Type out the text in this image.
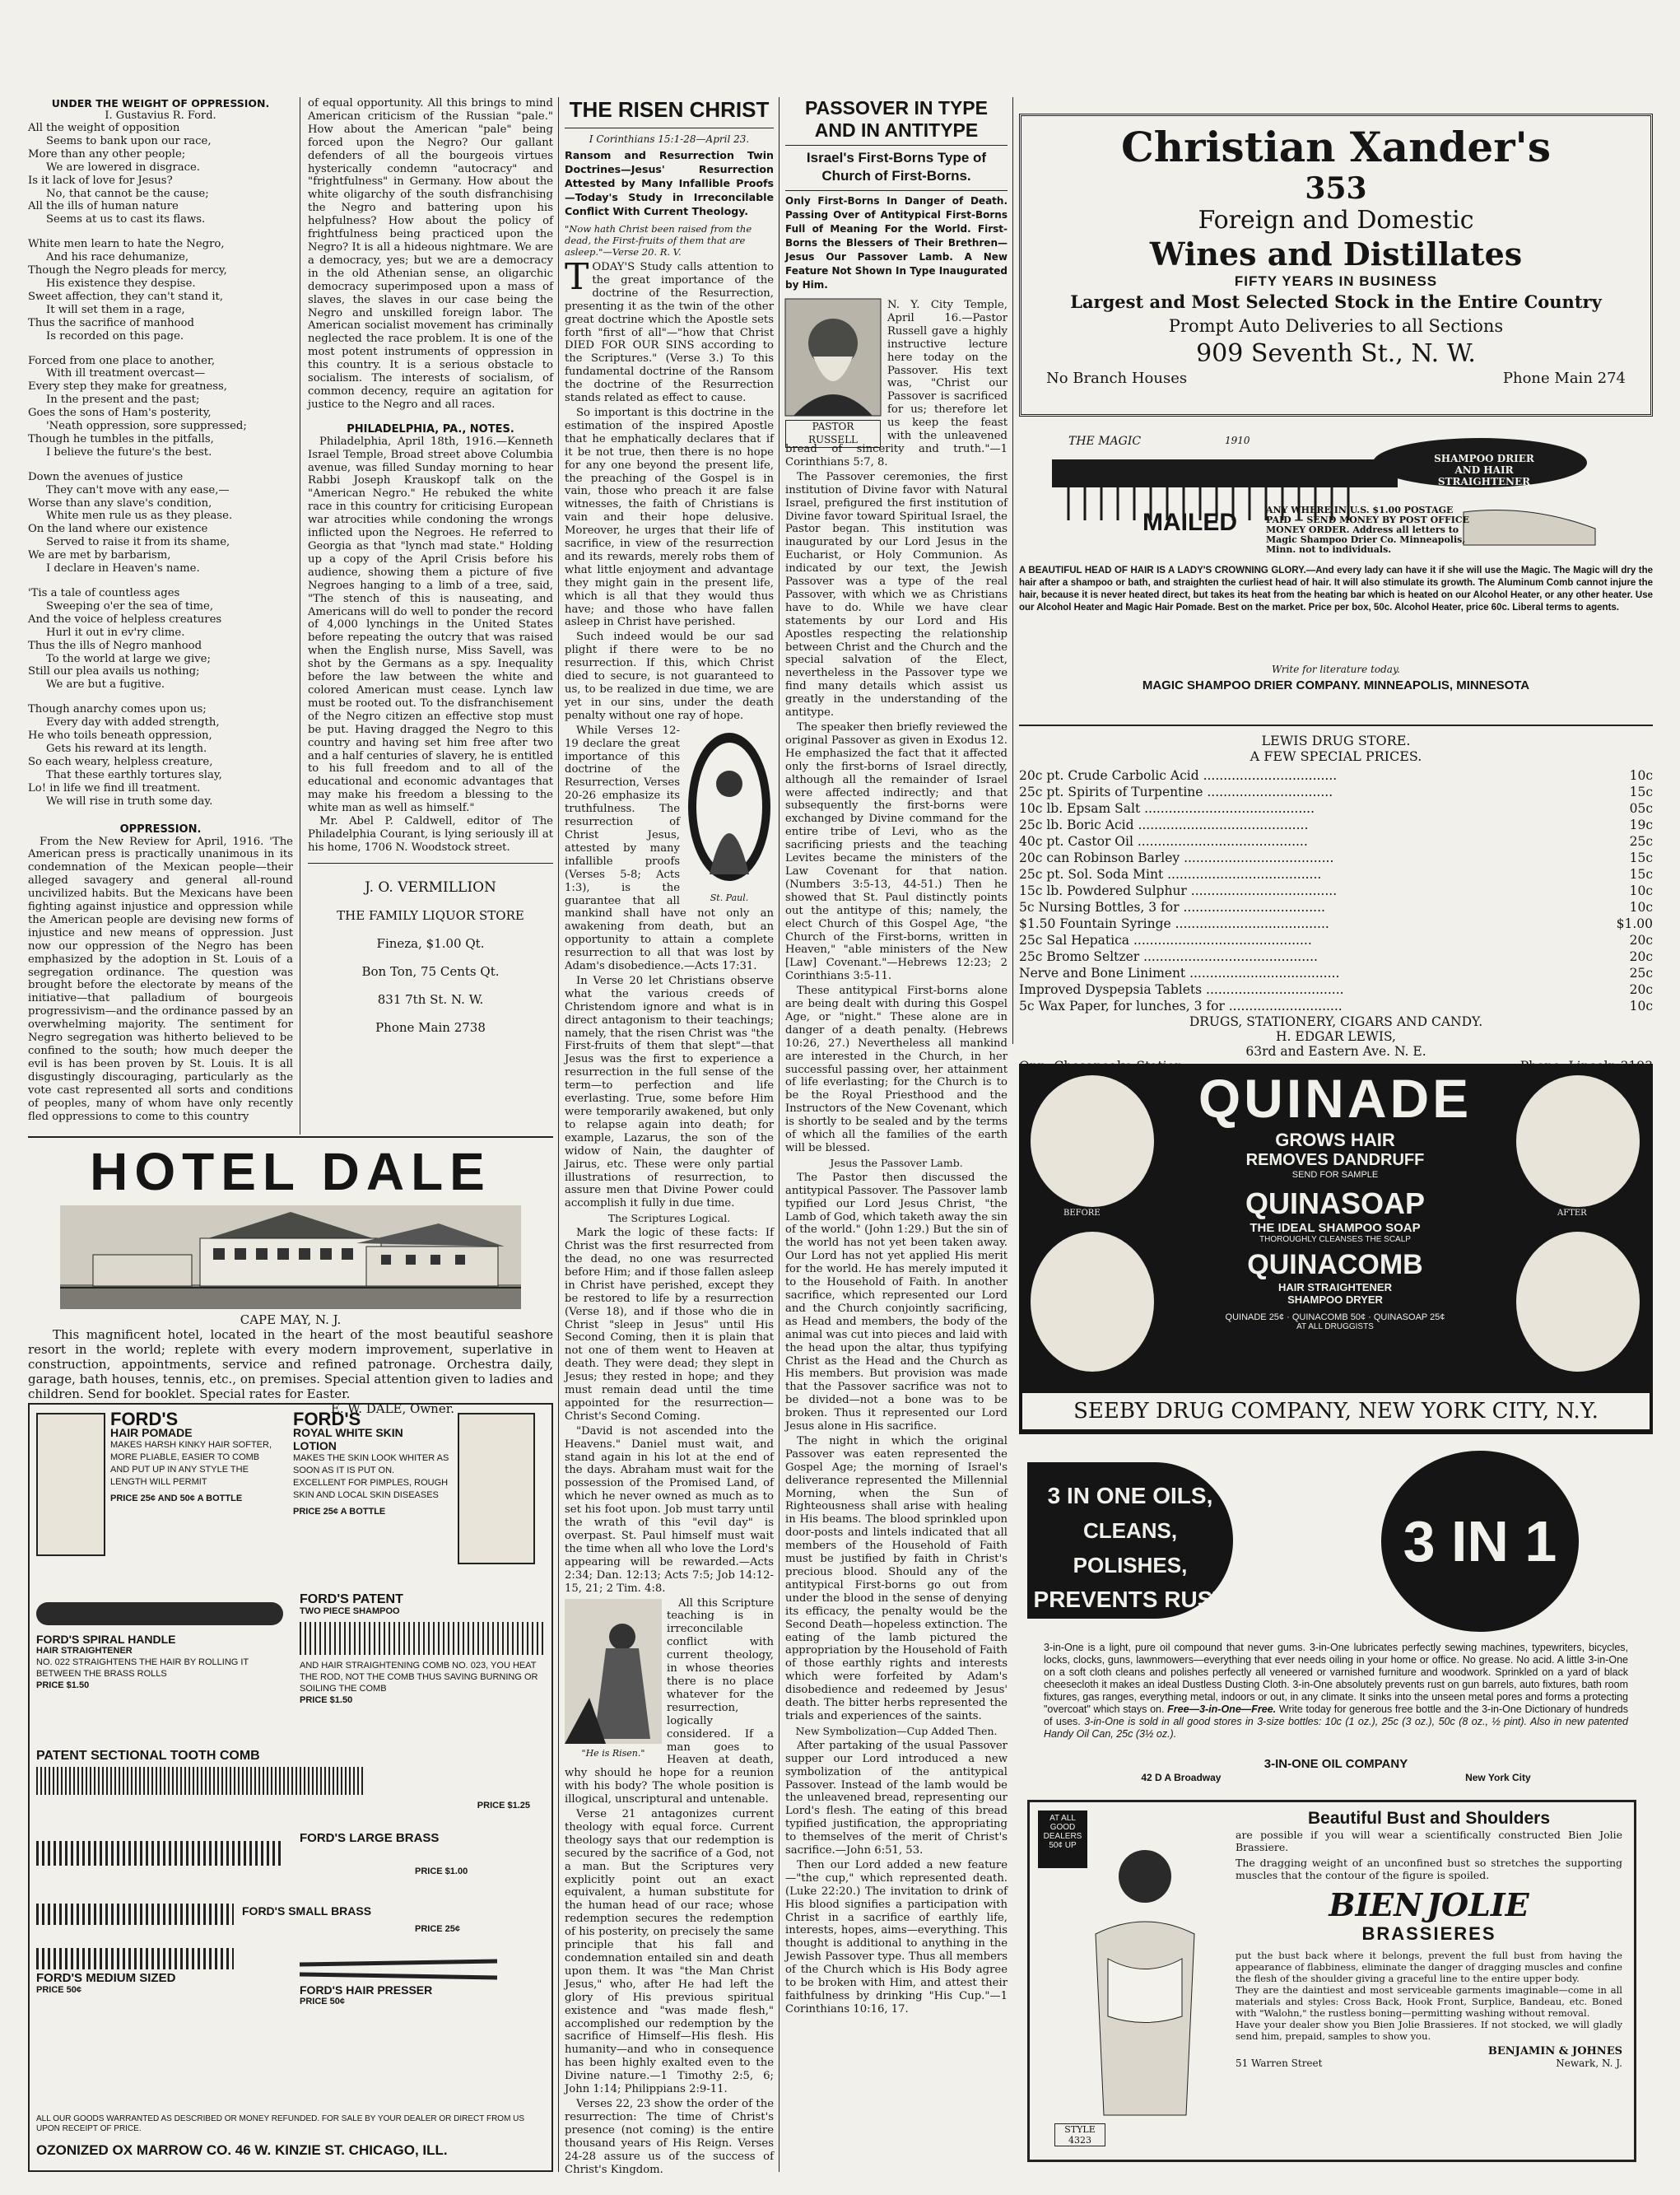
UNDER THE WEIGHT OF OPPRESSION.
I. Gustavius R. Ford.
All the weight of opposition
Seems to bank upon our race,
More than any other people;
We are lowered in disgrace.
Is it lack of love for Jesus?
No, that cannot be the cause;
All the ills of human nature
Seems at us to cast its flaws.
White men learn to hate the Negro,
And his race dehumanize,
Though the Negro pleads for mercy,
His existence they despise.
Sweet affection, they can't stand it,
It will set them in a rage,
Thus the sacrifice of manhood
Is recorded on this page.
Forced from one place to another,
With ill treatment overcast—
Every step they make for greatness,
In the present and the past;
Goes the sons of Ham's posterity,
'Neath oppression, sore suppressed;
Though he tumbles in the pitfalls,
I believe the future's the best.
Down the avenues of justice
They can't move with any ease,—
Worse than any slave's condition,
White men rule us as they please.
On the land where our existence
Served to raise it from its shame,
We are met by barbarism,
I declare in Heaven's name.
'Tis a tale of countless ages
Sweeping o'er the sea of time,
And the voice of helpless creatures
Hurl it out in ev'ry clime.
Thus the ills of Negro manhood
To the world at large we give;
Still our plea avails us nothing;
We are but a fugitive.
Though anarchy comes upon us;
Every day with added strength,
He who toils beneath oppression,
Gets his reward at its length.
So each weary, helpless creature,
That these earthly tortures slay,
Lo! in life we find ill treatment.
We will rise in truth some day.
OPPRESSION.
From the New Review for April, 1916. 'The American press is practically unanimous in its condemnation of the Mexican people—their alleged savagery and general all-round uncivilized habits. But the Mexicans have been fighting against injustice and oppression while the American people are devising new forms of injustice and new means of oppression. Just now our oppression of the Negro has been emphasized by the adoption in St. Louis of a segregation ordinance. The question was brought before the electorate by means of the initiative—that palladium of bourgeois progressivism—and the ordinance passed by an overwhelming majority. The sentiment for Negro segregation was hitherto believed to be confined to the south; how much deeper the evil is has been proven by St. Louis. It is all disgustingly discouraging, particularly as the vote cast represented all sorts and conditions of peoples, many of whom have only recently fled oppressions to come to this country
of equal opportunity. All this brings to mind American criticism of the Russian "pale." How about the American "pale" being forced upon the Negro? Our gallant defenders of all the bourgeois virtues hysterically condemn "autocracy" and "frightfulness" in Germany. How about the white oligarchy of the south disfranchising the Negro and battering upon his helpfulness? How about the policy of frightfulness being practiced upon the Negro? It is all a hideous nightmare. We are a democracy, yes; but we are a democracy in the old Athenian sense, an oligarchic democracy superimposed upon a mass of slaves, the slaves in our case being the Negro and unskilled foreign labor. The American socialist movement has criminally neglected the race problem. It is one of the most potent instruments of oppression in this country. It is a serious obstacle to socialism. The interests of socialism, of common decency, require an agitation for justice to the Negro and all races.
PHILADELPHIA, PA., NOTES.
Philadelphia, April 18th, 1916.—Kenneth Israel Temple, Broad street above Columbia avenue, was filled Sunday morning to hear Rabbi Joseph Krauskopf talk on the "American Negro." He rebuked the white race in this country for criticising European war atrocities while condoning the wrongs inflicted upon the Negroes. He referred to Georgia as that "lynch mad state." Holding up a copy of the April Crisis before his audience, showing them a picture of five Negroes hanging to a limb of a tree, said, "The stench of this is nauseating, and Americans will do well to ponder the record of 4,000 lynchings in the United States before repeating the outcry that was raised when the English nurse, Miss Savell, was shot by the Germans as a spy. Inequality before the law between the white and colored American must cease. Lynch law must be rooted out. To the disfranchisement of the Negro citizen an effective stop must be put. Having dragged the Negro to this country and having set him free after two and a half centuries of slavery, he is entitled to his full freedom and to all of the educational and economic advantages that may make his freedom a blessing to the white man as well as himself."
Mr. Abel P. Caldwell, editor of The Philadelphia Courant, is lying seriously ill at his home, 1706 N. Woodstock street.
J. O. VERMILLION
THE FAMILY LIQUOR STORE
Fineza, $1.00 Qt.
Bon Ton, 75 Cents Qt.
831 7th St. N. W.
Phone Main 2738
HOTEL DALE
CAPE MAY, N. J.
This magnificent hotel, located in the heart of the most beautiful seashore resort in the world; replete with every modern improvement, superlative in construction, appointments, service and refined patronage. Orchestra daily, garage, bath houses, tennis, etc., on premises. Special attention given to ladies and children. Send for booklet. Special rates for Easter.
E. W. DALE, Owner.
FORD'S
HAIR POMADE
MAKES HARSH KINKY HAIR SOFTER, MORE PLIABLE, EASIER TO COMB AND PUT UP IN ANY STYLE THE LENGTH WILL PERMIT
PRICE 25¢ AND 50¢ A BOTTLE
FORD'S
ROYAL WHITE SKIN LOTION
MAKES THE SKIN LOOK WHITER AS SOON AS IT IS PUT ON. EXCELLENT FOR PIMPLES, ROUGH SKIN AND LOCAL SKIN DISEASES
PRICE 25¢ A BOTTLE
FORD'S SPIRAL HANDLE
HAIR STRAIGHTENER
NO. 022 STRAIGHTENS THE HAIR BY ROLLING IT BETWEEN THE BRASS ROLLS
PRICE $1.50
FORD'S PATENT
TWO PIECE SHAMPOO
AND HAIR STRAIGHTENING COMB NO. 023, YOU HEAT THE ROD, NOT THE COMB THUS SAVING BURNING OR SOILING THE COMB
PRICE $1.50
PATENT SECTIONAL TOOTH COMB
PRICE $1.25
FORD'S LARGE BRASS
PRICE $1.00
FORD'S SMALL BRASS
PRICE 25¢
FORD'S MEDIUM SIZED
PRICE 50¢	FORD'S HAIR PRESSER
PRICE 50¢
ALL OUR GOODS WARRANTED AS DESCRIBED OR MONEY REFUNDED. FOR SALE BY YOUR DEALER OR DIRECT FROM US UPON RECEIPT OF PRICE.
OZONIZED OX MARROW CO. 46 W. KINZIE ST. CHICAGO, ILL.
THE RISEN CHRIST
I Corinthians 15:1-28—April 23.
Ransom and Resurrection Twin Doctrines—Jesus' Resurrection Attested by Many Infallible Proofs—Today's Study in Irreconcilable Conflict With Current Theology.
"Now hath Christ been raised from the dead, the First-fruits of them that are asleep."—Verse 20. R. V.

TODAY'S Study calls attention to the great importance of the doctrine of the Resurrection, presenting it as the twin of the other great doctrine which the Apostle sets forth "first of all"—"how that Christ DIED FOR OUR SINS according to the Scriptures." (Verse 3.) To this fundamental doctrine of the Ransom the doctrine of the Resurrection stands related as effect to cause.

So important is this doctrine in the estimation of the inspired Apostle that he emphatically declares that if it be not true, then there is no hope for any one beyond the present life, the preaching of the Gospel is in vain, those who preach it are false witnesses, the faith of Christians is vain and their hope delusive. Moreover, he urges that their life of sacrifice, in view of the resurrection and its rewards, merely robs them of what little enjoyment and advantage they might gain in the present life, which is all that they would thus have; and those who have fallen asleep in Christ have perished.

Such indeed would be our sad plight if there were to be no resurrection. If this, which Christ died to secure, is not guaranteed to us, to be realized in due time, we are yet in our sins, under the death penalty without one ray of hope.

St. Paul.
While Verses 12-19 declare the great importance of this doctrine of the Resurrection, Verses 20-26 emphasize its truthfulness. The resurrection of Christ Jesus, attested by many infallible proofs (Verses 5-8; Acts 1:3), is the guarantee that all mankind shall have not only an awakening from death, but an opportunity to attain a complete resurrection to all that was lost by Adam's disobedience.—Acts 17:31.

In Verse 20 let Christians observe what the various creeds of Christendom ignore and what is in direct antagonism to their teachings; namely, that the risen Christ was "the First-fruits of them that slept"—that Jesus was the first to experience a resurrection in the full sense of the term—to perfection and life everlasting. True, some before Him were temporarily awakened, but only to relapse again into death; for example, Lazarus, the son of the widow of Nain, the daughter of Jairus, etc. These were only partial illustrations of resurrection, to assure men that Divine Power could accomplish it fully in due time.

The Scriptures Logical.

Mark the logic of these facts: If Christ was the first resurrected from the dead, no one was resurrected before Him; and if those fallen asleep in Christ have perished, except they be restored to life by a resurrection (Verse 18), and if those who die in Christ "sleep in Jesus" until His Second Coming, then it is plain that not one of them went to Heaven at death. They were dead; they slept in Jesus; they rested in hope; and they must remain dead until the time appointed for the resurrection—Christ's Second Coming.

"David is not ascended into the Heavens." Daniel must wait, and stand again in his lot at the end of the days. Abraham must wait for the possession of the Promised Land, of which he never owned as much as to set his foot upon. Job must tarry until the wrath of this "evil day" is overpast. St. Paul himself must wait the time when all who love the Lord's appearing will be rewarded.—Acts 2:34; Dan. 12:13; Acts 7:5; Job 14:12-15, 21; 2 Tim. 4:8.

"He is Risen."
All this Scripture teaching is in irreconcilable conflict with current theology, in whose theories there is no place whatever for the resurrection, logically considered. If a man goes to Heaven at death, why should he hope for a reunion with his body? The whole position is illogical, unscriptural and untenable.

Verse 21 antagonizes current theology with equal force. Current theology says that our redemption is secured by the sacrifice of a God, not a man. But the Scriptures very explicitly point out an exact equivalent, a human substitute for the human head of our race; whose redemption secures the redemption of his posterity, on precisely the same principle that his fall and condemnation entailed sin and death upon them. It was "the Man Christ Jesus," who, after He had left the glory of His previous spiritual existence and "was made flesh," accomplished our redemption by the sacrifice of Himself—His flesh. His humanity—and who in consequence has been highly exalted even to the Divine nature.—1 Timothy 2:5, 6; John 1:14; Philippians 2:9-11.

Verses 22, 23 show the order of the resurrection: The time of Christ's presence (not coming) is the entire thousand years of His Reign. Verses 24-28 assure us of the success of Christ's Kingdom.

PASSOVER IN TYPE
AND IN ANTITYPE
Israel's First-Borns Type of Church of First-Borns.
Only First-Borns In Danger of Death. Passing Over of Antitypical First-Borns Full of Meaning For the World. First-Borns the Blessers of Their Brethren—Jesus Our Passover Lamb. A New Feature Not Shown In Type Inaugurated by Him.

PASTOR RUSSELL
N. Y. City Temple, April 16.—Pastor Russell gave a highly instructive lecture here today on the Passover. His text was, "Christ our Passover is sacrificed for us; therefore let us keep the feast with the unleavened bread of sincerity and truth."—1 Corinthians 5:7, 8.

The Passover ceremonies, the first institution of Divine favor with Natural Israel, prefigured the first institution of Divine favor toward Spiritual Israel, the Pastor began. This institution was inaugurated by our Lord Jesus in the Eucharist, or Holy Communion. As indicated by our text, the Jewish Passover was a type of the real Passover, with which we as Christians have to do. While we have clear statements by our Lord and His Apostles respecting the relationship between Christ and the Church and the special salvation of the Elect, nevertheless in the Passover type we find many details which assist us greatly in the understanding of the antitype.

The speaker then briefly reviewed the original Passover as given in Exodus 12. He emphasized the fact that it affected only the first-borns of Israel directly, although all the remainder of Israel were affected indirectly; and that subsequently the first-borns were exchanged by Divine command for the entire tribe of Levi, who as the sacrificing priests and the teaching Levites became the ministers of the Law Covenant for that nation. (Numbers 3:5-13, 44-51.) Then he showed that St. Paul distinctly points out the antitype of this; namely, the elect Church of this Gospel Age, "the Church of the First-borns, written in Heaven," "able ministers of the New [Law] Covenant."—Hebrews 12:23; 2 Corinthians 3:5-11.

These antitypical First-borns alone are being dealt with during this Gospel Age, or "night." These alone are in danger of a death penalty. (Hebrews 10:26, 27.) Nevertheless all mankind are interested in the Church, in her successful passing over, her attainment of life everlasting; for the Church is to be the Royal Priesthood and the Instructors of the New Covenant, which is shortly to be sealed and by the terms of which all the families of the earth will be blessed.

Jesus the Passover Lamb.

The Pastor then discussed the antitypical Passover. The Passover lamb typified our Lord Jesus Christ, "the Lamb of God, which taketh away the sin of the world." (John 1:29.) But the sin of the world has not yet been taken away. Our Lord has not yet applied His merit for the world. He has merely imputed it to the Household of Faith. In another sacrifice, which represented our Lord and the Church conjointly sacrificing, as Head and members, the body of the animal was cut into pieces and laid with the head upon the altar, thus typifying Christ as the Head and the Church as His members. But provision was made that the Passover sacrifice was not to be divided—not a bone was to be broken. Thus it represented our Lord Jesus alone in His sacrifice.

The night in which the original Passover was eaten represented the Gospel Age; the morning of Israel's deliverance represented the Millennial Morning, when the Sun of Righteousness shall arise with healing in His beams. The blood sprinkled upon door-posts and lintels indicated that all members of the Household of Faith must be justified by faith in Christ's precious blood. Should any of the antitypical First-borns go out from under the blood in the sense of denying its efficacy, the penalty would be the Second Death—hopeless extinction. The eating of the lamb pictured the appropriation by the Household of Faith of those earthly rights and interests which were forfeited by Adam's disobedience and redeemed by Jesus' death. The bitter herbs represented the trials and experiences of the saints.

New Symbolization—Cup Added Then.

After partaking of the usual Passover supper our Lord introduced a new symbolization of the antitypical Passover. Instead of the lamb would be the unleavened bread, representing our Lord's flesh. The eating of this bread typified justification, the appropriating to themselves of the merit of Christ's sacrifice.—John 6:51, 53.

Then our Lord added a new feature—"the cup," which represented death. (Luke 22:20.) The invitation to drink of His blood signifies a participation with Christ in a sacrifice of earthly life, interests, hopes, aims—everything. This thought is additional to anything in the Jewish Passover type. Thus all members of the Church which is His Body agree to be broken with Him, and attest their faithfulness by drinking "His Cup."—1 Corinthians 10:16, 17.

Christian Xander's
353
Foreign and Domestic
Wines and Distillates
FIFTY YEARS IN BUSINESS
Largest and Most Selected Stock in the Entire Country
Prompt Auto Deliveries to all Sections
909 Seventh St., N. W.
No Branch Houses	Phone Main 274
THE MAGIC
SHAMPOO DRIER AND HAIR STRAIGHTENER
1910
MAILED	ANY WHERE IN U.S. $1.00 POSTAGE PAID — SEND MONEY BY POST OFFICE MONEY ORDER. Address all letters to Magic Shampoo Drier Co. Minneapolis, Minn. not to individuals.
A BEAUTIFUL HEAD OF HAIR IS A LADY'S CROWNING GLORY.—And every lady can have it if she will use the Magic. The Magic will dry the hair after a shampoo or bath, and straighten the curliest head of hair. It will also stimulate its growth. The Aluminum Comb cannot injure the hair, because it is never heated direct, but takes its heat from the heating bar which is heated on our Alcohol Heater, or any other heater. Use our Alcohol Heater and Magic Hair Pomade. Best on the market. Price per box, 50c. Alcohol Heater, price 60c. Liberal terms to agents.
Write for literature today.
MAGIC SHAMPOO DRIER COMPANY. MINNEAPOLIS, MINNESOTA
LEWIS DRUG STORE.
A FEW SPECIAL PRICES.
20c pt. Crude Carbolic Acid .................................	10c
25c pt. Spirits of Turpentine ...............................	15c
10c lb. Epsam Salt ..........................................	05c
25c lb. Boric Acid ..........................................	19c
40c pt. Castor Oil ..........................................	25c
20c can Robinson Barley .....................................	15c
25c pt. Sol. Soda Mint ......................................	15c
15c lb. Powdered Sulphur ....................................	10c
5c Nursing Bottles, 3 for ...................................	10c
$1.50 Fountain Syringe ......................................	$1.00
25c Sal Hepatica ............................................	20c
25c Bromo Seltzer ...........................................	20c
Nerve and Bone Liniment .....................................	25c
Improved Dyspepsia Tablets ..................................	20c
5c Wax Paper, for lunches, 3 for ............................	10c
DRUGS, STATIONERY, CIGARS AND CANDY.
H. EDGAR LEWIS,
63rd and Eastern Ave. N. E.
BEFORE	AFTER
QUINADE
GROWS HAIR
REMOVES DANDRUFF
SEND FOR SAMPLE
QUINASOAP
THE IDEAL SHAMPOO SOAP
THOROUGHLY CLEANSES THE SCALP
QUINACOMB
HAIR STRAIGHTENER SHAMPOO DRYER
QUINADE 25¢ · QUINACOMB 50¢ · QUINASOAP 25¢
AT ALL DRUGGISTS
SEEBY DRUG COMPANY, NEW YORK CITY, N.Y.
3 IN ONE OILS,
CLEANS, POLISHES,
PREVENTS RUST
3 IN 1
3-in-One is a light, pure oil compound that never gums. 3-in-One lubricates perfectly sewing machines, typewriters, bicycles, locks, clocks, guns, lawnmowers—everything that ever needs oiling in your home or office. No grease. No acid. A little 3-in-One on a soft cloth cleans and polishes perfectly all veneered or varnished furniture and woodwork. Sprinkled on a yard of black cheesecloth it makes an ideal Dustless Dusting Cloth. 3-in-One absolutely prevents rust on gun barrels, auto fixtures, bath room fixtures, gas ranges, everything metal, indoors or out, in any climate. It sinks into the unseen metal pores and forms a protecting "overcoat" which stays on. Free—3-in-One—Free. Write today for generous free bottle and the 3-in-One Dictionary of hundreds of uses. 3-in-One is sold in all good stores in 3-size bottles: 10c (1 oz.), 25c (3 oz.), 50c (8 oz., ½ pint). Also in new patented Handy Oil Can, 25c (3½ oz.).
3-IN-ONE OIL COMPANY
42 D A Broadway	New York City
AT ALL GOOD DEALERS 50¢ UP
STYLE 4323
Beautiful Bust and Shoulders
are possible if you will wear a scientifically constructed Bien Jolie Brassiere.
The dragging weight of an unconfined bust so stretches the supporting muscles that the contour of the figure is spoiled.
BIEN JOLIE
BRASSIERES
put the bust back where it belongs, prevent the full bust from having the appearance of flabbiness, eliminate the danger of dragging muscles and confine the flesh of the shoulder giving a graceful line to the entire upper body.
They are the daintiest and most serviceable garments imaginable—come in all materials and styles: Cross Back, Hook Front, Surplice, Bandeau, etc. Boned with "Walohn," the rustless boning—permitting washing without removal.
Have your dealer show you Bien Jolie Brassieres. If not stocked, we will gladly send him, prepaid, samples to show you.
BENJAMIN & JOHNES
51 Warren Street	Newark, N. J.
